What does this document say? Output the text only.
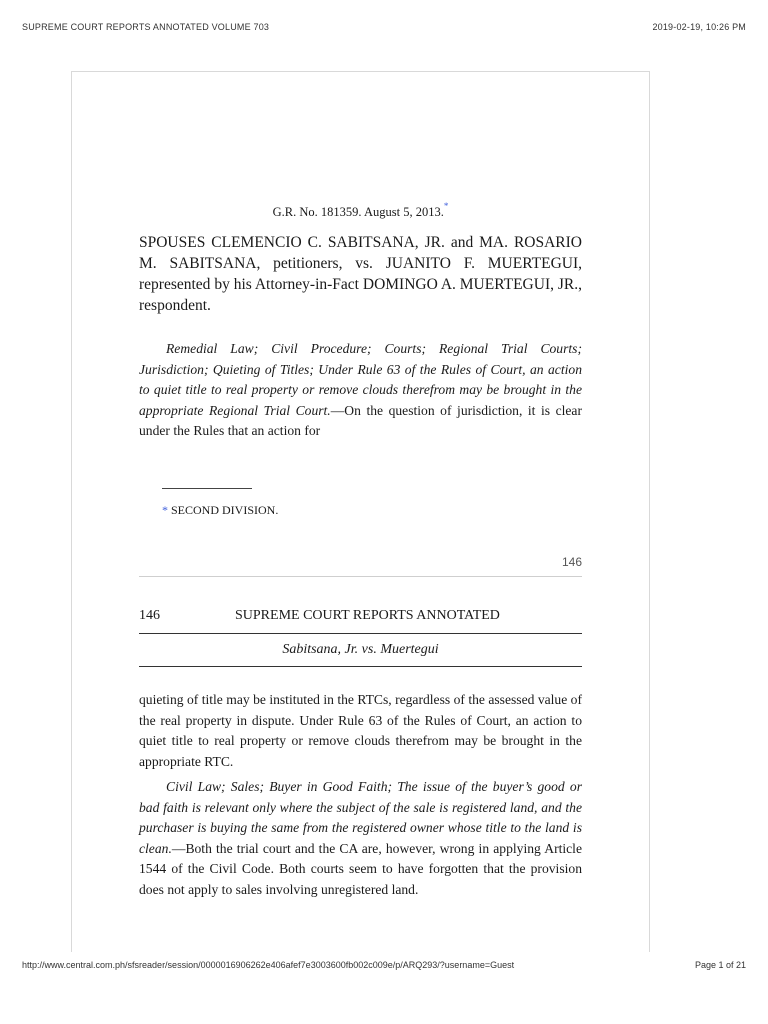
SUPREME COURT REPORTS ANNOTATED VOLUME 703	2019-02-19, 10:26 PM
G.R. No. 181359. August 5, 2013.*
SPOUSES CLEMENCIO C. SABITSANA, JR. and MA. ROSARIO M. SABITSANA, petitioners, vs. JUANITO F. MUERTEGUI, represented by his Attorney-in-Fact DOMINGO A. MUERTEGUI, JR., respondent.
Remedial Law; Civil Procedure; Courts; Regional Trial Courts; Jurisdiction; Quieting of Titles; Under Rule 63 of the Rules of Court, an action to quiet title to real property or remove clouds therefrom may be brought in the appropriate Regional Trial Court.—On the question of jurisdiction, it is clear under the Rules that an action for
* SECOND DIVISION.
146
146	SUPREME COURT REPORTS ANNOTATED
Sabitsana, Jr. vs. Muertegui
quieting of title may be instituted in the RTCs, regardless of the assessed value of the real property in dispute. Under Rule 63 of the Rules of Court, an action to quiet title to real property or remove clouds therefrom may be brought in the appropriate RTC.
Civil Law; Sales; Buyer in Good Faith; The issue of the buyer’s good or bad faith is relevant only where the subject of the sale is registered land, and the purchaser is buying the same from the registered owner whose title to the land is clean.—Both the trial court and the CA are, however, wrong in applying Article 1544 of the Civil Code. Both courts seem to have forgotten that the provision does not apply to sales involving unregistered land.
http://www.central.com.ph/sfsreader/session/0000016906262e406afef7e3003600fb002c009e/p/ARQ293/?username=Guest	Page 1 of 21
